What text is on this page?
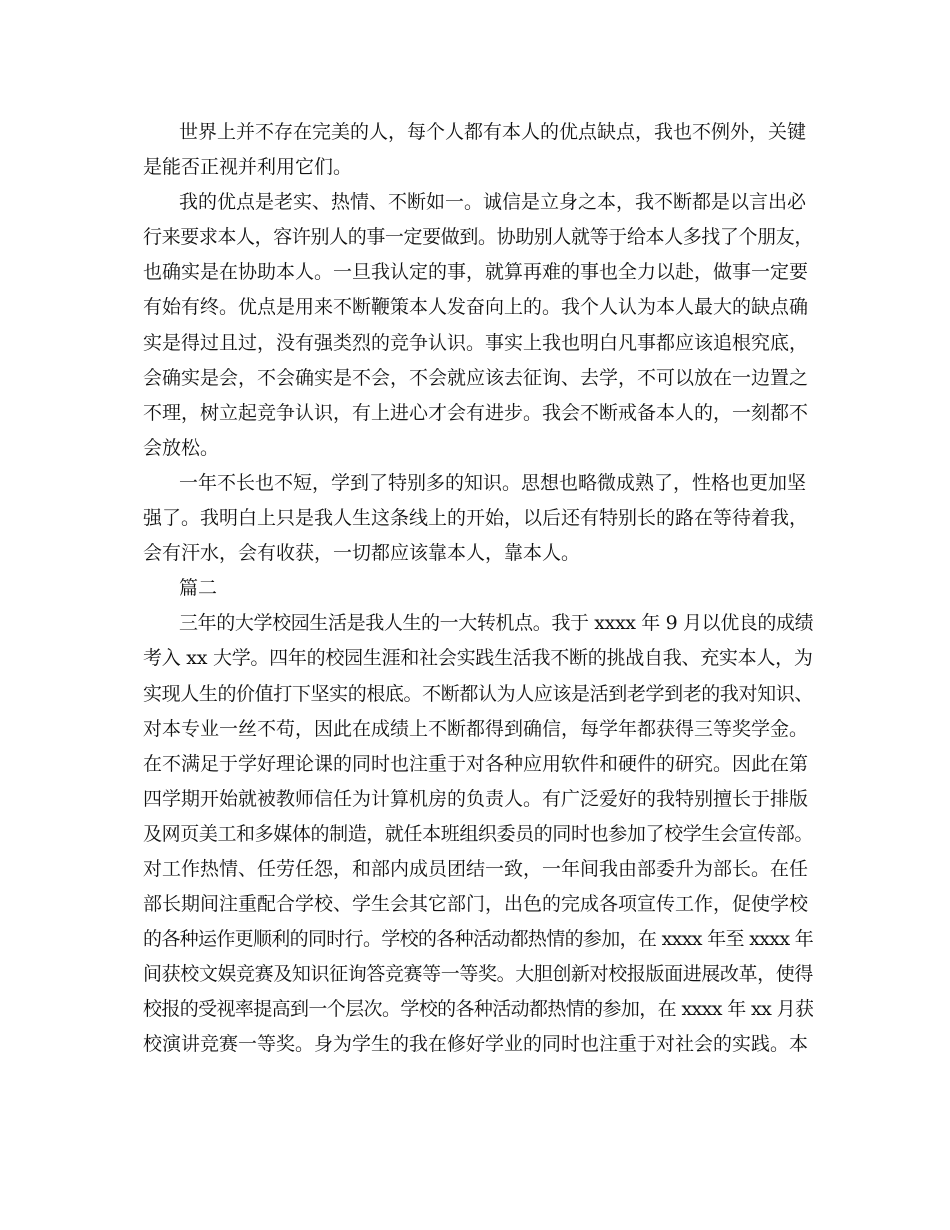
世界上并不存在完美的人，每个人都有本人的优点缺点，我也不例外，关键
是能否正视并利用它们。
我的优点是老实、热情、不断如一。诚信是立身之本，我不断都是以言出必
行来要求本人，容许别人的事一定要做到。协助别人就等于给本人多找了个朋友，
也确实是在协助本人。一旦我认定的事，就算再难的事也全力以赴，做事一定要
有始有终。优点是用来不断鞭策本人发奋向上的。我个人认为本人最大的缺点确
实是得过且过，没有强类烈的竞争认识。事实上我也明白凡事都应该追根究底，
会确实是会，不会确实是不会，不会就应该去征询、去学，不可以放在一边置之
不理，树立起竞争认识，有上进心才会有进步。我会不断戒备本人的，一刻都不
会放松。
一年不长也不短，学到了特别多的知识。思想也略微成熟了，性格也更加坚
强了。我明白上只是我人生这条线上的开始，以后还有特别长的路在等待着我，
会有汗水，会有收获，一切都应该靠本人，靠本人。
篇二
三年的大学校园生活是我人生的一大转机点。我于 xxxx 年 9 月以优良的成绩
考入 xx 大学。四年的校园生涯和社会实践生活我不断的挑战自我、充实本人，为
实现人生的价值打下坚实的根底。不断都认为人应该是活到老学到老的我对知识、
对本专业一丝不苟，因此在成绩上不断都得到确信，每学年都获得三等奖学金。
在不满足于学好理论课的同时也注重于对各种应用软件和硬件的研究。因此在第
四学期开始就被教师信任为计算机房的负责人。有广泛爱好的我特别擅长于排版
及网页美工和多媒体的制造，就任本班组织委员的同时也参加了校学生会宣传部。
对工作热情、任劳任怨，和部内成员团结一致，一年间我由部委升为部长。在任
部长期间注重配合学校、学生会其它部门，出色的完成各项宣传工作，促使学校
的各种运作更顺利的同时行。学校的各种活动都热情的参加，在 xxxx 年至 xxxx 年
间获校文娱竞赛及知识征询答竞赛等一等奖。大胆创新对校报版面进展改革，使得
校报的受视率提高到一个层次。学校的各种活动都热情的参加，在 xxxx 年 xx 月获
校演讲竞赛一等奖。身为学生的我在修好学业的同时也注重于对社会的实践。本
